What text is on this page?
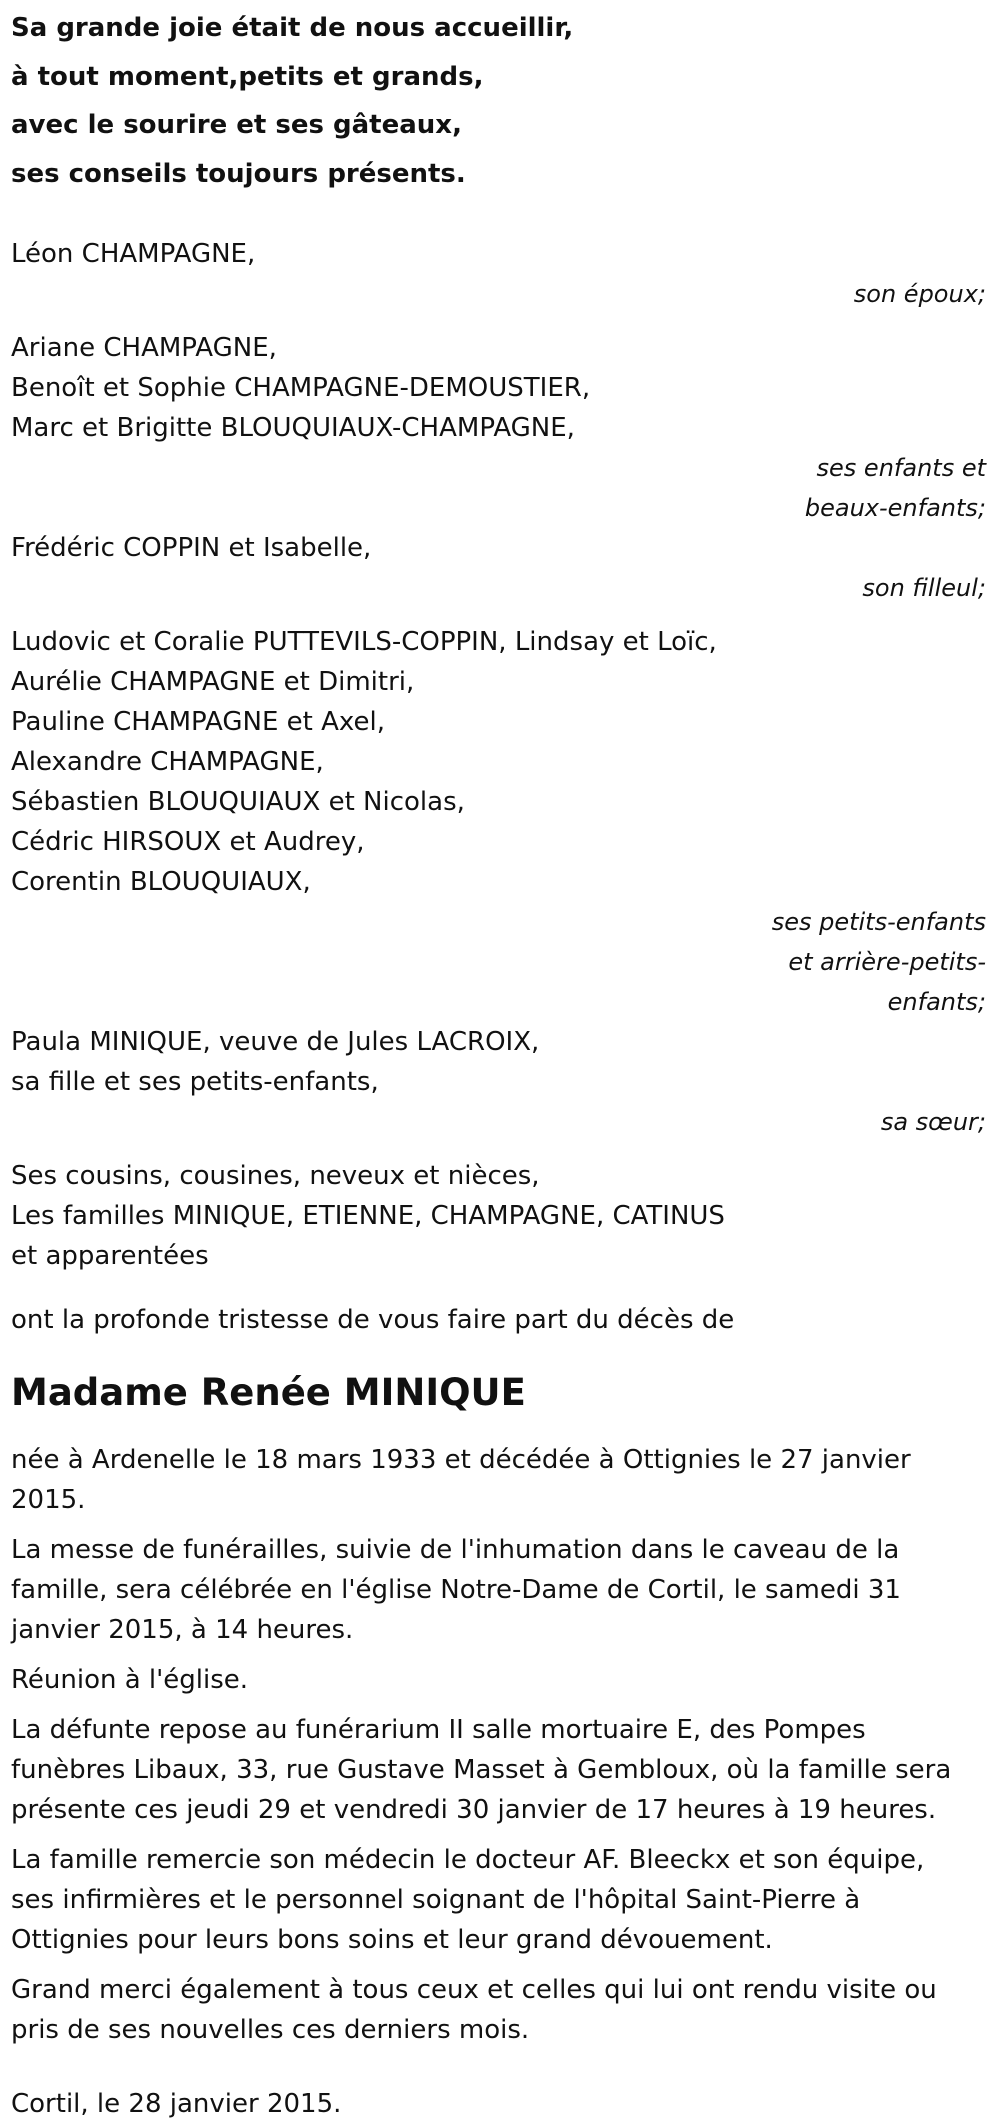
Sa grande joie était de nous accueillir,
à tout moment,petits et grands,
avec le sourire et ses gâteaux,
ses conseils toujours présents.
Léon CHAMPAGNE,
son époux;
Ariane CHAMPAGNE,
Benoît et Sophie CHAMPAGNE-DEMOUSTIER,
Marc et Brigitte BLOUQUIAUX-CHAMPAGNE,
ses enfants et
beaux-enfants;
Frédéric COPPIN et Isabelle,
son filleul;
Ludovic et Coralie PUTTEVILS-COPPIN, Lindsay et Loïc,
Aurélie CHAMPAGNE et Dimitri,
Pauline CHAMPAGNE et Axel,
Alexandre CHAMPAGNE,
Sébastien BLOUQUIAUX et Nicolas,
Cédric HIRSOUX et Audrey,
Corentin BLOUQUIAUX,
ses petits-enfants
et arrière-petits-
enfants;
Paula MINIQUE, veuve de Jules LACROIX,
sa fille et ses petits-enfants,
sa sœur;
Ses cousins, cousines, neveux et nièces,
Les familles MINIQUE, ETIENNE, CHAMPAGNE, CATINUS
et apparentées
ont la profonde tristesse de vous faire part du décès de
Madame Renée MINIQUE
née à Ardenelle le 18 mars 1933 et décédée à Ottignies le 27 janvier 2015.
La messe de funérailles, suivie de l'inhumation dans le caveau de la
famille, sera célébrée en l'église Notre-Dame de Cortil, le samedi 31
janvier 2015, à 14 heures.
Réunion à l'église.
La défunte repose au funérarium II salle mortuaire E, des Pompes
funèbres Libaux, 33, rue Gustave Masset à Gembloux, où la famille sera
présente ces jeudi 29 et vendredi 30 janvier de 17 heures à 19 heures.
La famille remercie son médecin le docteur AF. Bleeckx et son équipe,
ses infirmières et le personnel soignant de l'hôpital Saint-Pierre à
Ottignies pour leurs bons soins et leur grand dévouement.
Grand merci également à tous ceux et celles qui lui ont rendu visite ou
pris de ses nouvelles ces derniers mois.
Cortil, le 28 janvier 2015.
